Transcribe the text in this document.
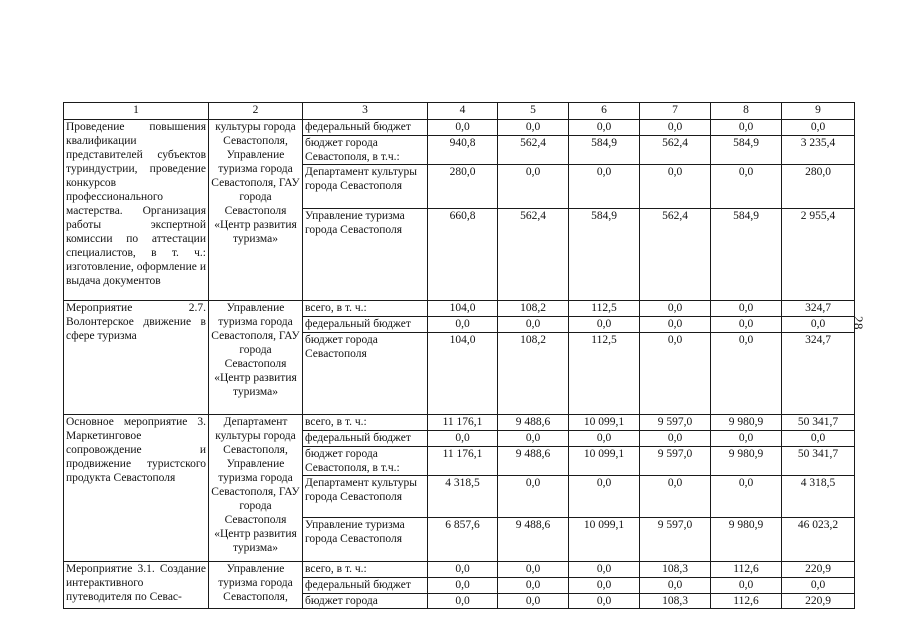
28
1	2	3	4	5	6	7	8	9
Проведение повышения квалификации представителей субъектов туриндустрии, проведение конкурсов профессионального мастерства. Организация работы экспертной комиссии по аттестации специалистов, в т. ч.: изготовление, оформление и выдача документов	культуры города Севастополя, Управление туризма города Севастополя, ГАУ города Севастополя «Центр развития туризма»	федеральный бюджет	0,0	0,0	0,0	0,0	0,0	0,0
		бюджет города Севастополя, в т.ч.:	940,8	562,4	584,9	562,4	584,9	3 235,4
		Департамент культуры города Севастополя	280,0	0,0	0,0	0,0	0,0	280,0
		Управление туризма города Севастополя	660,8	562,4	584,9	562,4	584,9	2 955,4
Мероприятие 2.7. Волонтерское движение в сфере туризма	Управление туризма города Севастополя, ГАУ города Севастополя «Центр развития туризма»	всего, в т. ч.:	104,0	108,2	112,5	0,0	0,0	324,7
		федеральный бюджет	0,0	0,0	0,0	0,0	0,0	0,0
		бюджет города Севастополя	104,0	108,2	112,5	0,0	0,0	324,7
Основное мероприятие 3. Маркетинговое сопровождение и продвижение туристского продукта Севастополя	Департамент культуры города Севастополя, Управление туризма города Севастополя, ГАУ города Севастополя «Центр развития туризма»	всего, в т. ч.:	11 176,1	9 488,6	10 099,1	9 597,0	9 980,9	50 341,7
		федеральный бюджет	0,0	0,0	0,0	0,0	0,0	0,0
		бюджет города Севастополя, в т.ч.:	11 176,1	9 488,6	10 099,1	9 597,0	9 980,9	50 341,7
		Департамент культуры города Севастополя	4 318,5	0,0	0,0	0,0	0,0	4 318,5
		Управление туризма города Севастополя	6 857,6	9 488,6	10 099,1	9 597,0	9 980,9	46 023,2
Мероприятие 3.1. Создание интерактивного путеводителя по Севас-	Управление туризма города Севастополя,	всего, в т. ч.:	0,0	0,0	0,0	108,3	112,6	220,9
		федеральный бюджет	0,0	0,0	0,0	0,0	0,0	0,0
		бюджет города	0,0	0,0	0,0	108,3	112,6	220,9
